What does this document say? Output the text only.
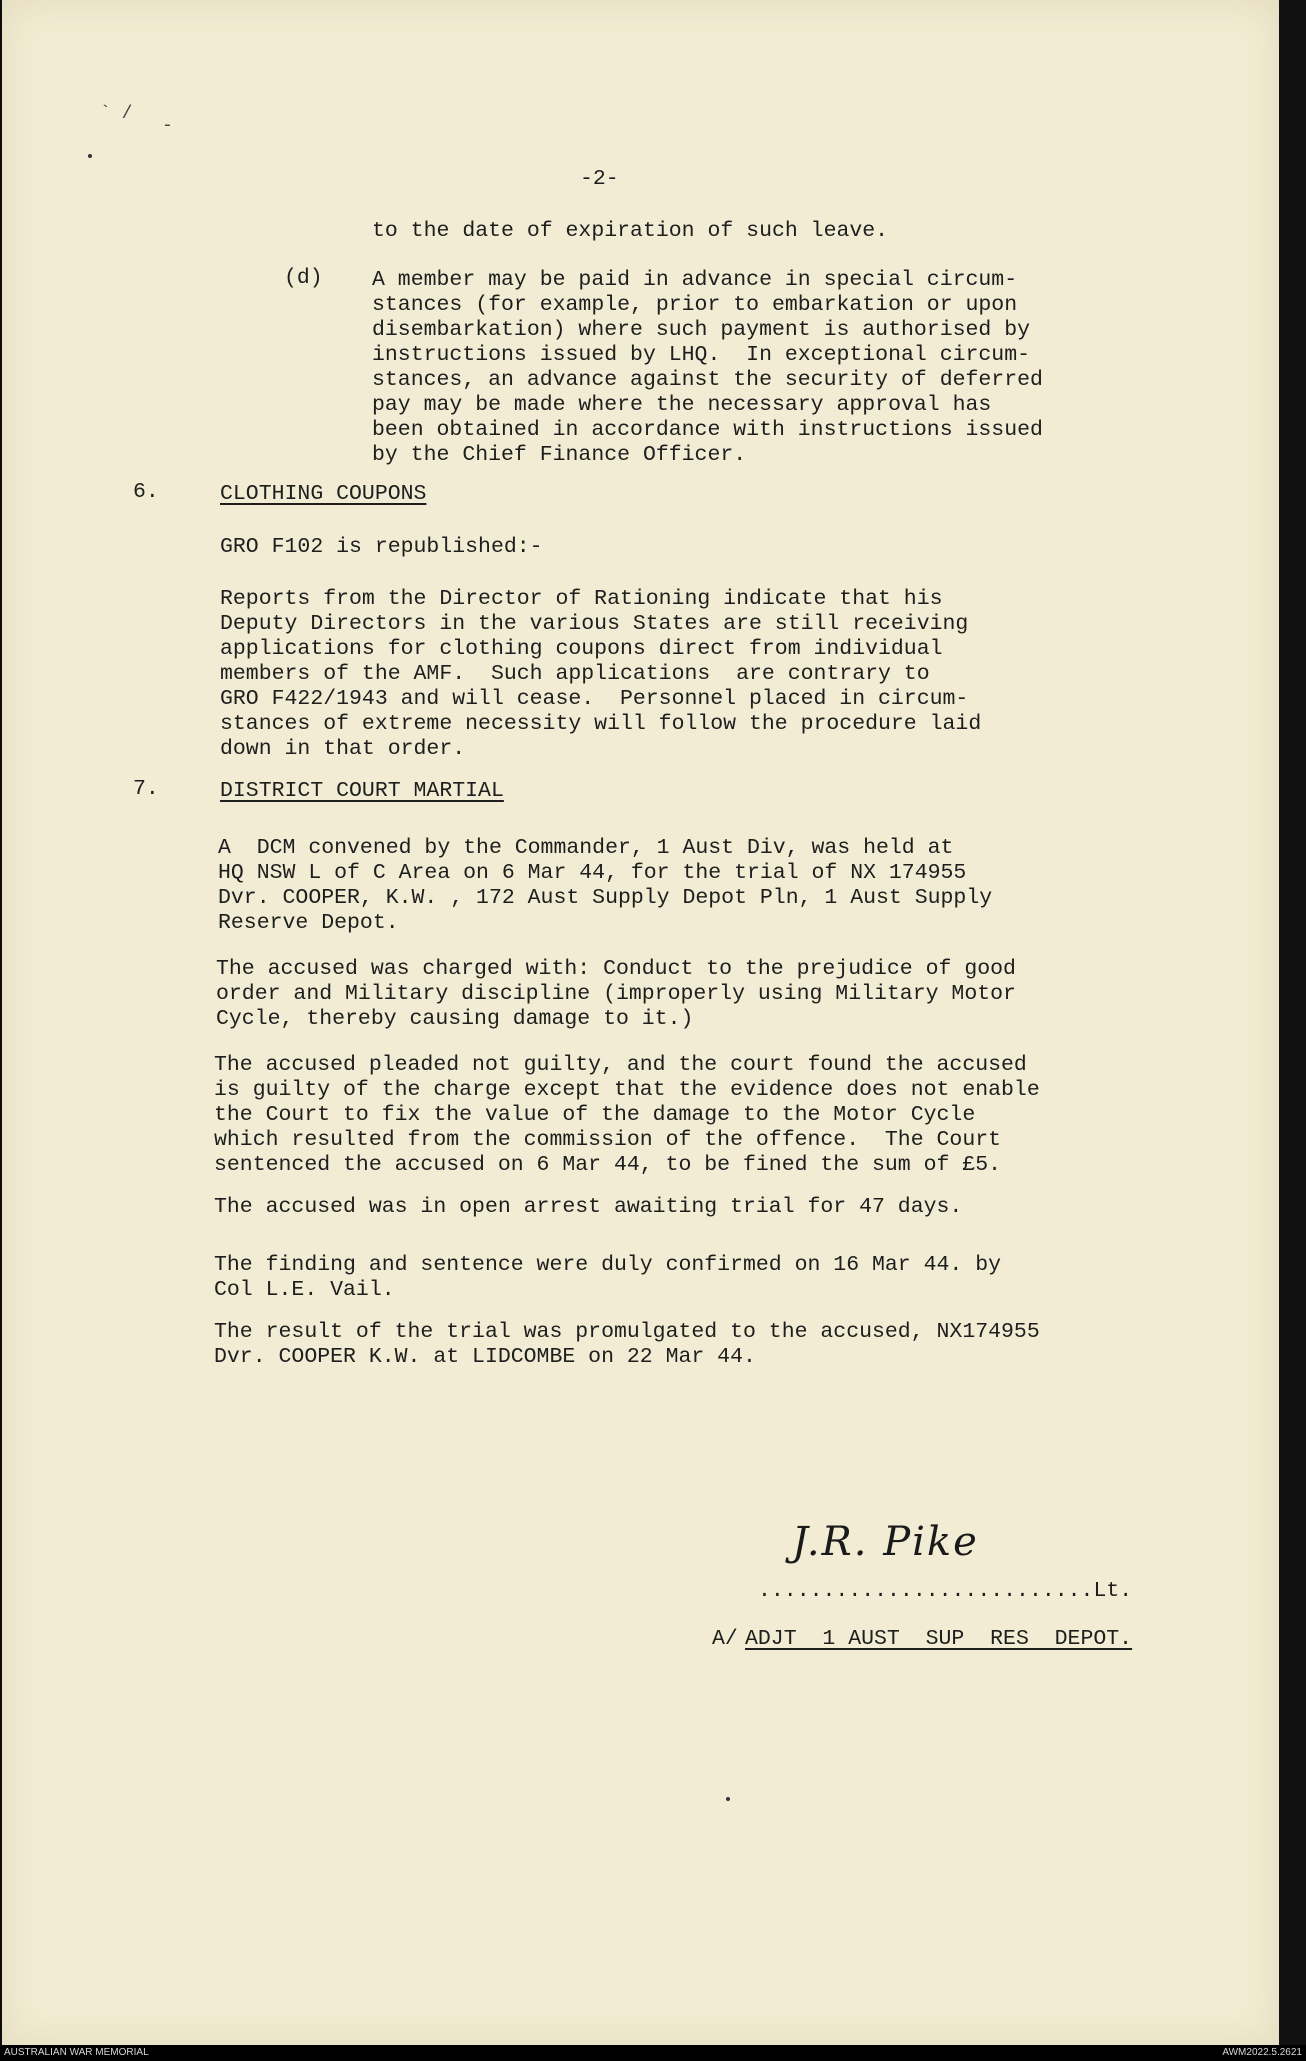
` /
-
-2-
to the date of expiration of such leave.
(d) A member may be paid in advance in special circum-
stances (for example, prior to embarkation or upon
disembarkation) where such payment is authorised by
instructions issued by LHQ.  In exceptional circum-
stances, an advance against the security of deferred
pay may be made where the necessary approval has
been obtained in accordance with instructions issued
by the Chief Finance Officer.
6.	CLOTHING COUPONS
GRO F102 is republished:-
Reports from the Director of Rationing indicate that his
Deputy Directors in the various States are still receiving
applications for clothing coupons direct from individual
members of the AMF.  Such applications  are contrary to
GRO F422/1943 and will cease.  Personnel placed in circum-
stances of extreme necessity will follow the procedure laid
down in that order.
7.	DISTRICT COURT MARTIAL
A  DCM convened by the Commander, 1 Aust Div, was held at
HQ NSW L of C Area on 6 Mar 44, for the trial of NX 174955
Dvr. COOPER, K.W. , 172 Aust Supply Depot Pln, 1 Aust Supply
Reserve Depot.
The accused was charged with: Conduct to the prejudice of good
order and Military discipline (improperly using Military Motor
Cycle, thereby causing damage to it.)
The accused pleaded not guilty, and the court found the accused
is guilty of the charge except that the evidence does not enable
the Court to fix the value of the damage to the Motor Cycle
which resulted from the commission of the offence.  The Court
sentenced the accused on 6 Mar 44, to be fined the sum of £5.
The accused was in open arrest awaiting trial for 47 days.
The finding and sentence were duly confirmed on 16 Mar 44. by
Col L.E. Vail.
The result of the trial was promulgated to the accused, NX174955
Dvr. COOPER K.W. at LIDCOMBE on 22 Mar 44.
J.R. Pike
..........................Lt.
A/ ADJT  1 AUST  SUP  RES  DEPOT.
AUSTRALIAN WAR MEMORIAL	AWM2022.5.2621
